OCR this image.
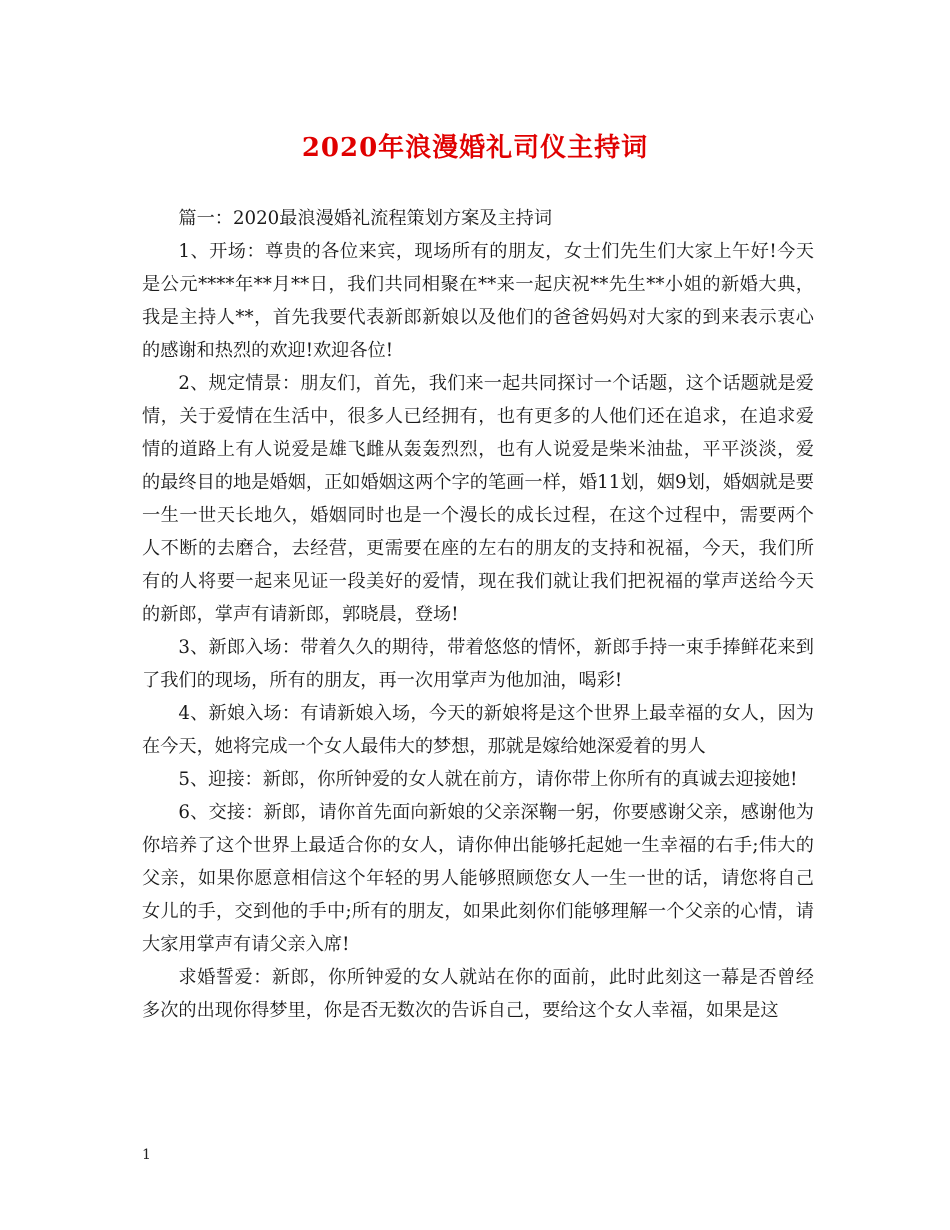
2020年浪漫婚礼司仪主持词

篇一：2020最浪漫婚礼流程策划方案及主持词

1、开场：尊贵的各位来宾，现场所有的朋友，女士们先生们大家上午好!今天是公元****年**月**日，我们共同相聚在**来一起庆祝**先生**小姐的新婚大典，我是主持人**，首先我要代表新郎新娘以及他们的爸爸妈妈对大家的到来表示衷心的感谢和热烈的欢迎!欢迎各位!

2、规定情景：朋友们，首先，我们来一起共同探讨一个话题，这个话题就是爱情，关于爱情在生活中，很多人已经拥有，也有更多的人他们还在追求，在追求爱情的道路上有人说爱是雄飞雌从轰轰烈烈，也有人说爱是柴米油盐，平平淡淡，爱的最终目的地是婚姻，正如婚姻这两个字的笔画一样，婚11划，姻9划，婚姻就是要一生一世天长地久，婚姻同时也是一个漫长的成长过程，在这个过程中，需要两个人不断的去磨合，去经营，更需要在座的左右的朋友的支持和祝福，今天，我们所有的人将要一起来见证一段美好的爱情，现在我们就让我们把祝福的掌声送给今天的新郎，掌声有请新郎，郭晓晨，登场!

3、新郎入场：带着久久的期待，带着悠悠的情怀，新郎手持一束手捧鲜花来到了我们的现场，所有的朋友，再一次用掌声为他加油，喝彩!

4、新娘入场：有请新娘入场，今天的新娘将是这个世界上最幸福的女人，因为在今天，她将完成一个女人最伟大的梦想，那就是嫁给她深爱着的男人

5、迎接：新郎，你所钟爱的女人就在前方，请你带上你所有的真诚去迎接她!

6、交接：新郎，请你首先面向新娘的父亲深鞠一躬，你要感谢父亲，感谢他为你培养了这个世界上最适合你的女人，请你伸出能够托起她一生幸福的右手;伟大的父亲，如果你愿意相信这个年轻的男人能够照顾您女人一生一世的话，请您将自己女儿的手，交到他的手中;所有的朋友，如果此刻你们能够理解一个父亲的心情，请大家用掌声有请父亲入席!

求婚誓爱：新郎，你所钟爱的女人就站在你的面前，此时此刻这一幕是否曾经多次的出现你得梦里，你是否无数次的告诉自己，要给这个女人幸福，如果是这

1
